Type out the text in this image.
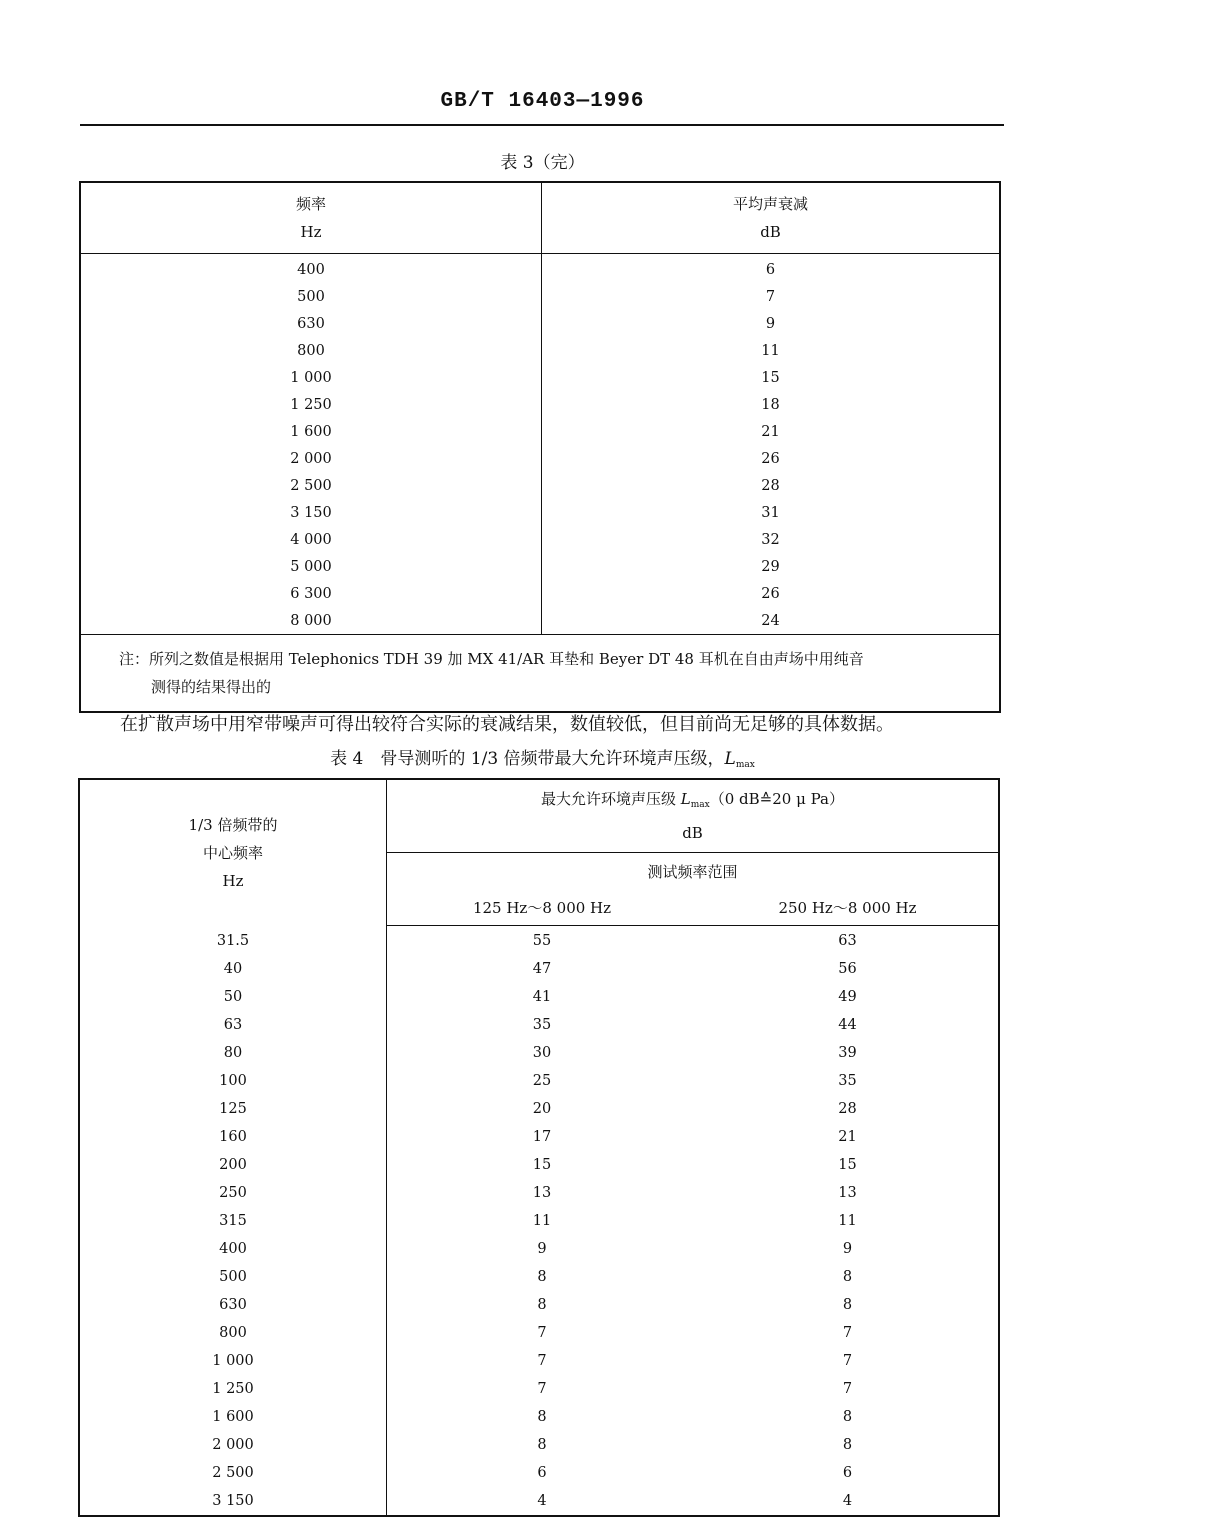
GB/T 16403—1996
表 3（完）
频率
Hz	平均声衰减
dB
400	6
500	7
630	9
800	11
1 000	15
1 250	18
1 600	21
2 000	26
2 500	28
3 150	31
4 000	32
5 000	29
6 300	26
8 000	24

注：所列之数值是根据用 Telephonics TDH 39 加 MX 41/AR 耳垫和 Beyer DT 48 耳机在自由声场中用纯音
测得的结果得出的	
在扩散声场中用窄带噪声可得出较符合实际的衰减结果，数值较低，但目前尚无足够的具体数据。
表 4　骨导测听的 1/3 倍频带最大允许环境声压级，$L_{max}$
1/3 倍频带的
中心频率
Hz	最大允许环境声压级 $L_{max}(0$ dB≙20 μ Pa）
dB	
	测试频率范围	
	125 Hz～8 000 Hz	250 Hz～8 000 Hz
31.5	55	63
40	47	56
50	41	49
63	35	44
80	30	39
100	25	35
125	20	28
160	17	21
200	15	15
250	13	13
315	11	11
400	9	9
500	8	8
630	8	8
800	7	7
1 000	7	7
1 250	7	7
1 600	8	8
2 000	8	8
2 500	6	6
3 150	4	4
